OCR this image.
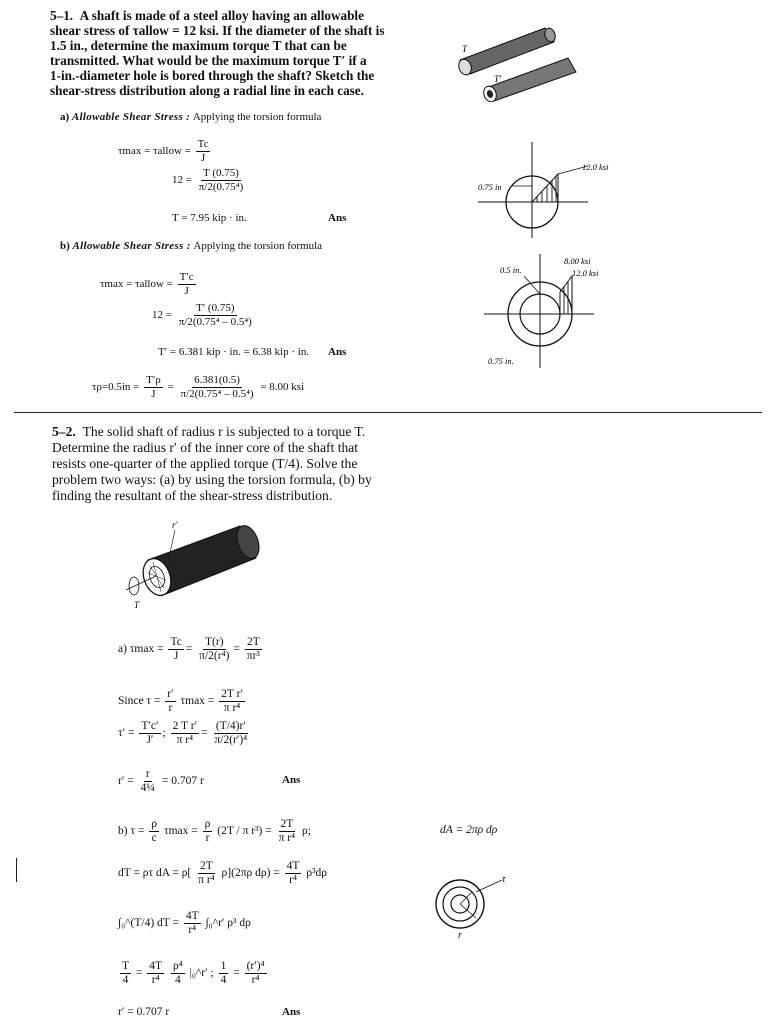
5–1. A shaft is made of a steel alloy having an allowable
shear stress of τallow = 12 ksi. If the diameter of the shaft is
1.5 in., determine the maximum torque T that can be
transmitted. What would be the maximum torque T′ if a
1-in.-diameter hole is bored through the shaft? Sketch the
shear-stress distribution along a radial line in each case.
T
T′
a) Allowable Shear Stress : Applying the torsion formula
τmax = τallow = $\frac{Tc}{J}$
$12 = \frac{T (0.75)}{\text{π/2(0.75⁴)}}$
T = 7.95 kip · in.	Ans
b) Allowable Shear Stress : Applying the torsion formula
τmax = τallow = $\frac{T'c}{J}$
$12 = \frac{T' (0.75)}{\text{π/2(0.75⁴ – 0.5⁴)}}$
T′ = 6.381 kip · in. = 6.38 kip · in. Ans
$\tau\rho=0.5in = \frac{T'\rho}{J} = \frac{6.381(0.5)}{\text{π/2(0.75⁴ – 0.5⁴)}} = 8.00$ ksi
12.0 ksi
0.75 in
8.00 ksi
12.0 ksi
0.5 in.
0.75 in.
5–2. The solid shaft of radius r is subjected to a torque T.
Determine the radius r′ of the inner core of the shaft that
resists one-quarter of the applied torque (T/4). Solve the
problem two ways: (a) by using the torsion formula, (b) by
finding the resultant of the shear-stress distribution.
r′
T
a) $\tau\max = \frac{Tc}{J} = \frac{T(r)}{\text{π/2(r⁴)}} = \frac{2T}{\text{πr³}}$
Since $\tau = \frac{r'}{r}$ $\tau\max = \frac{\text{2T r′}}{\text{π r⁴}}$
$\tau' = \frac{T'c'}{J'}$ ; $\frac{\text{2 T r′}}{\text{π r⁴}} = \frac{(T/4)r'}{\text{π/2(r′)⁴}}$
$r' = \frac{r}{\text{4¼}} = 0.707$ r	Ans
b) $\tau = \frac{\rho}{c}$ $\tau\max = \frac{\rho}{r} (2T / \pi$ $r^3) = \frac{2T}{\text{π r⁴}} \rho$;	dA = 2πρ dρ
dT = ρτ dA = $\rho[ \frac{2T}{\text{π r⁴}} \rho](2\pi\rho$ $d\rho) = \frac{4T}{\text{r⁴}} \rho^3d\rho$
∫₀^(T/4) dT = $\frac{4T}{\text{r⁴}}$ ∫₀^r′ ρ³ dρ
$\frac{T}{4} = \frac{4T}{\text{r⁴}}$
$\frac{\text{ρ⁴}}{4}$ |₀^r′ ; $\frac{1}{4} = \frac{\text{(r′)⁴}}{\text{r⁴}}$
r′ = 0.707 r	Ans
τ
r
